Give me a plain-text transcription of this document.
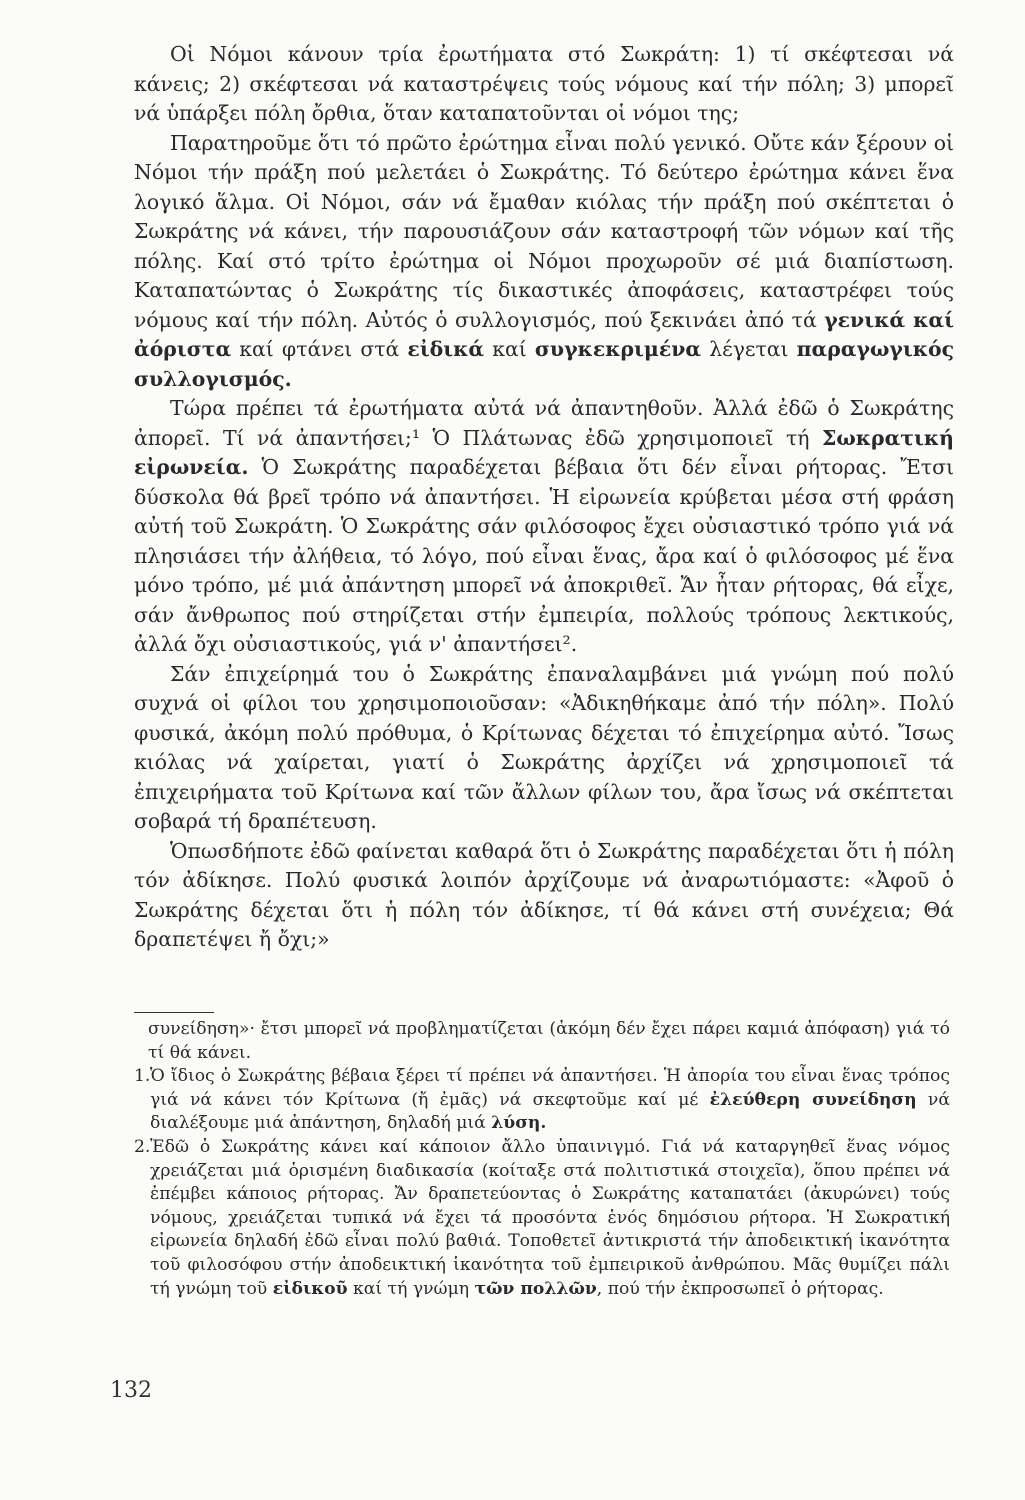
Οἱ Νόμοι κάνουν τρία ἐρωτήματα στό Σωκράτη: 1) τί σκέφτεσαι νά κάνεις; 2) σκέφτεσαι νά καταστρέψεις τούς νόμους καί τήν πόλη; 3) μπορεῖ νά ὑπάρξει πόλη ὄρθια, ὅταν καταπατοῦνται οἱ νόμοι της;

Παρατηροῦμε ὅτι τό πρῶτο ἐρώτημα εἶναι πολύ γενικό. Οὔτε κάν ξέρουν οἱ Νόμοι τήν πράξη πού μελετάει ὁ Σωκράτης. Τό δεύτερο ἐρώτημα κάνει ἕνα λογικό ἅλμα. Οἱ Νόμοι, σάν νά ἔμαθαν κιόλας τήν πράξη πού σκέπτεται ὁ Σωκράτης νά κάνει, τήν παρουσιάζουν σάν καταστροφή τῶν νόμων καί τῆς πόλης. Καί στό τρίτο ἐρώτημα οἱ Νόμοι προχωροῦν σέ μιά διαπίστωση. Καταπατώντας ὁ Σωκράτης τίς δικαστικές ἀποφάσεις, καταστρέφει τούς νόμους καί τήν πόλη. Αὐτός ὁ συλλογισμός, πού ξεκινάει ἀπό τά γενικά καί ἀόριστα καί φτάνει στά εἰδικά καί συγκεκριμένα λέγεται παραγωγικός συλλογισμός.

Τώρα πρέπει τά ἐρωτήματα αὐτά νά ἀπαντηθοῦν. Ἀλλά ἐδῶ ὁ Σωκράτης ἀπορεῖ. Τί νά ἀπαντήσει;¹ Ὁ Πλάτωνας ἐδῶ χρησιμοποιεῖ τή Σωκρατική εἰρωνεία. Ὁ Σωκράτης παραδέχεται βέβαια ὅτι δέν εἶναι ρήτορας. Ἔτσι δύσκολα θά βρεῖ τρόπο νά ἀπαντήσει. Ἡ εἰρωνεία κρύβεται μέσα στή φράση αὐτή τοῦ Σωκράτη. Ὁ Σωκράτης σάν φιλόσοφος ἔχει οὐσιαστικό τρόπο γιά νά πλησιάσει τήν ἀλήθεια, τό λόγο, πού εἶναι ἕνας, ἄρα καί ὁ φιλόσοφος μέ ἕνα μόνο τρόπο, μέ μιά ἀπάντηση μπορεῖ νά ἀποκριθεῖ. Ἄν ἦταν ρήτορας, θά εἶχε, σάν ἄνθρωπος πού στηρίζεται στήν ἐμπειρία, πολλούς τρόπους λεκτικούς, ἀλλά ὄχι οὐσιαστικούς, γιά ν' ἀπαντήσει².

Σάν ἐπιχείρημά του ὁ Σωκράτης ἐπαναλαμβάνει μιά γνώμη πού πολύ συχνά οἱ φίλοι του χρησιμοποιοῦσαν: «Ἀδικηθήκαμε ἀπό τήν πόλη». Πολύ φυσικά, ἀκόμη πολύ πρόθυμα, ὁ Κρίτωνας δέχεται τό ἐπιχείρημα αὐτό. Ἴσως κιόλας νά χαίρεται, γιατί ὁ Σωκράτης ἀρχίζει νά χρησιμοποιεῖ τά ἐπιχειρήματα τοῦ Κρίτωνα καί τῶν ἄλλων φίλων του, ἄρα ἴσως νά σκέπτεται σοβαρά τή δραπέτευση.

Ὁπωσδήποτε ἐδῶ φαίνεται καθαρά ὅτι ὁ Σωκράτης παραδέχεται ὅτι ἡ πόλη τόν ἀδίκησε. Πολύ φυσικά λοιπόν ἀρχίζουμε νά ἀναρωτιόμαστε: «Ἀφοῦ ὁ Σωκράτης δέχεται ὅτι ἡ πόλη τόν ἀδίκησε, τί θά κάνει στή συνέχεια; Θά δραπετέψει ἤ ὄχι;»

συνείδηση»· ἔτσι μπορεῖ νά προβληματίζεται (ἀκόμη δέν ἔχει πάρει καμιά ἀπόφαση) γιά τό τί θά κάνει.

1. Ὁ ἴδιος ὁ Σωκράτης βέβαια ξέρει τί πρέπει νά ἀπαντήσει. Ἡ ἀπορία του εἶναι ἕνας τρόπος γιά νά κάνει τόν Κρίτωνα (ἤ ἐμᾶς) νά σκεφτοῦμε καί μέ ἐλεύθερη συνείδηση νά διαλέξουμε μιά ἀπάντηση, δηλαδή μιά λύση.
2. Ἐδῶ ὁ Σωκράτης κάνει καί κάποιον ἄλλο ὑπαινιγμό. Γιά νά καταργηθεῖ ἕνας νόμος χρειάζεται μιά ὁρισμένη διαδικασία (κοίταξε στά πολιτιστικά στοιχεῖα), ὅπου πρέπει νά ἐπέμβει κάποιος ρήτορας. Ἄν δραπετεύοντας ὁ Σωκράτης καταπατάει (ἀκυρώνει) τούς νόμους, χρειάζεται τυπικά νά ἔχει τά προσόντα ἑνός δημόσιου ρήτορα. Ἡ Σωκρατική εἰρωνεία δηλαδή ἐδῶ εἶναι πολύ βαθιά. Τοποθετεῖ ἀντικριστά τήν ἀποδεικτική ἱκανότητα τοῦ φιλοσόφου στήν ἀποδεικτική ἱκανότητα τοῦ ἐμπειρικοῦ ἀνθρώπου. Μᾶς θυμίζει πάλι τή γνώμη τοῦ εἰδικοῦ καί τή γνώμη τῶν πολλῶν, πού τήν ἐκπροσωπεῖ ὁ ρήτορας.
132
